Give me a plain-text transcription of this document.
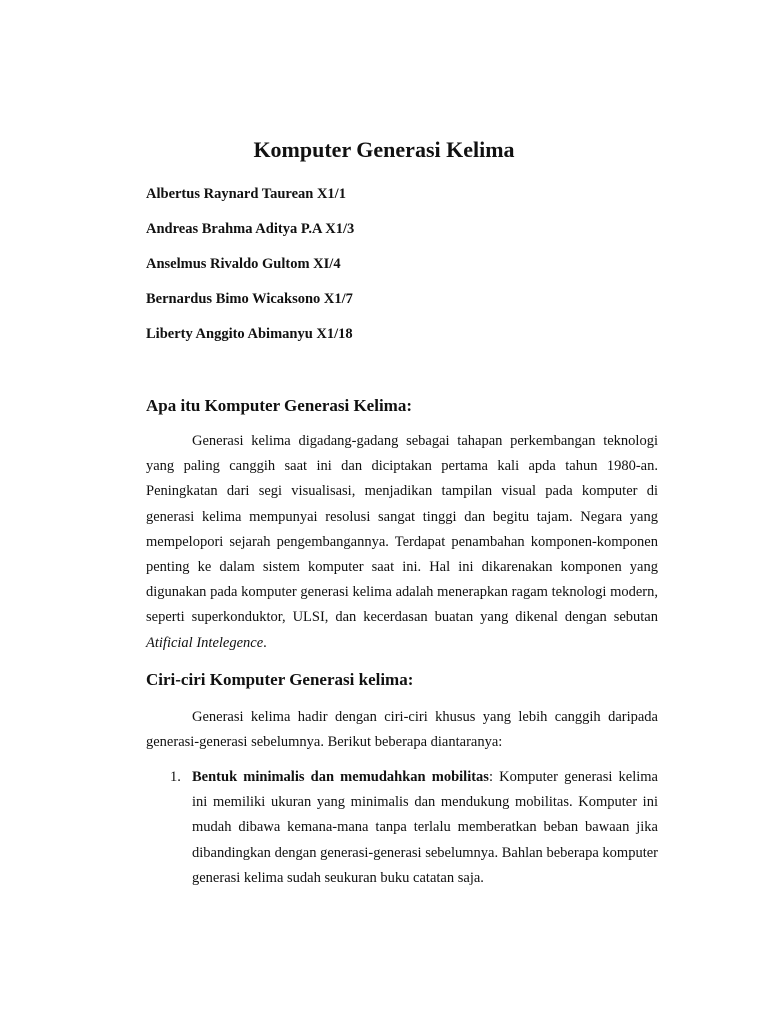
Komputer Generasi Kelima
Albertus Raynard Taurean X1/1
Andreas Brahma Aditya P.A X1/3
Anselmus Rivaldo Gultom XI/4
Bernardus Bimo Wicaksono X1/7
Liberty Anggito Abimanyu X1/18
Apa itu Komputer Generasi Kelima:

Generasi kelima digadang-gadang sebagai tahapan perkembangan teknologi yang paling canggih saat ini dan diciptakan pertama kali apda tahun 1980-an. Peningkatan dari segi visualisasi, menjadikan tampilan visual pada komputer di generasi kelima mempunyai resolusi sangat tinggi dan begitu tajam. Negara yang mempelopori sejarah pengembangannya. Terdapat penambahan komponen-komponen penting ke dalam sistem komputer saat ini. Hal ini dikarenakan komponen yang digunakan pada komputer generasi kelima adalah menerapkan ragam teknologi modern, seperti superkonduktor, ULSI, dan kecerdasan buatan yang dikenal dengan sebutan Atificial Intelegence.

Ciri-ciri Komputer Generasi kelima:

Generasi kelima hadir dengan ciri-ciri khusus yang lebih canggih daripada generasi-generasi sebelumnya. Berikut beberapa diantaranya:

1. Bentuk minimalis dan memudahkan mobilitas: Komputer generasi kelima ini memiliki ukuran yang minimalis dan mendukung mobilitas. Komputer ini mudah dibawa kemana-mana tanpa terlalu memberatkan beban bawaan jika dibandingkan dengan generasi-generasi sebelumnya. Bahlan beberapa komputer generasi kelima sudah seukuran buku catatan saja.
